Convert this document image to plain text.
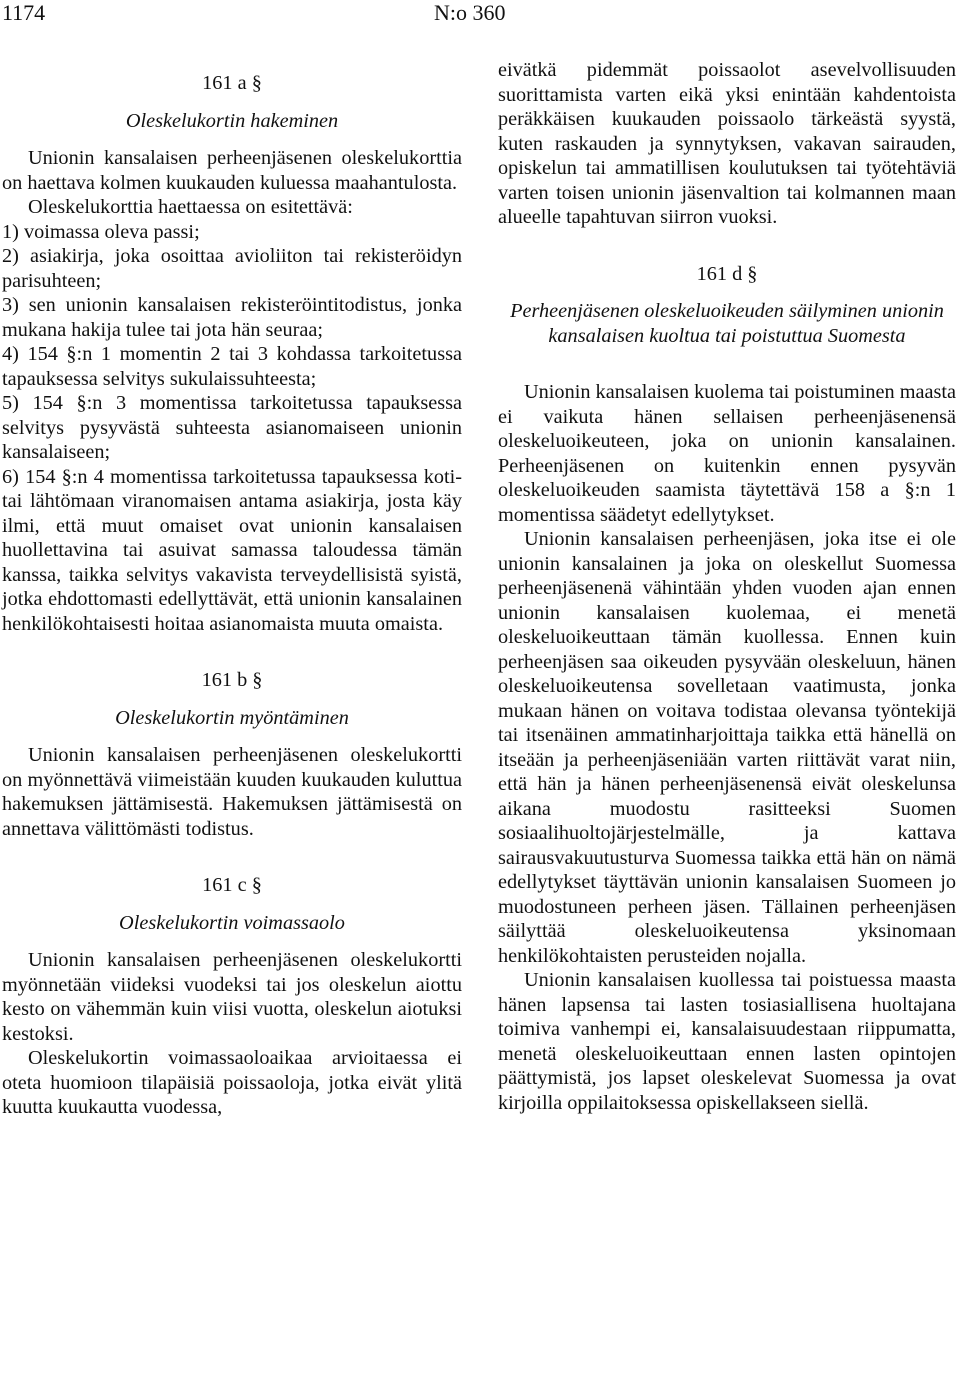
1174	N:o 360
161 a §
Oleskelukortin hakeminen

Unionin kansalaisen perheenjäsenen oleskelukorttia on haettava kolmen kuukauden kuluessa maahantulosta.

Oleskelukorttia haettaessa on esitettävä:

1) voimassa oleva passi;

2) asiakirja, joka osoittaa avioliiton tai rekisteröidyn parisuhteen;

3) sen unionin kansalaisen rekisteröintitodistus, jonka mukana hakija tulee tai jota hän seuraa;

4) 154 §:n 1 momentin 2 tai 3 kohdassa tarkoitetussa tapauksessa selvitys sukulaissuhteesta;

5) 154 §:n 3 momentissa tarkoitetussa tapauksessa selvitys pysyvästä suhteesta asianomaiseen unionin kansalaiseen;

6) 154 §:n 4 momentissa tarkoitetussa tapauksessa koti- tai lähtömaan viranomaisen antama asiakirja, josta käy ilmi, että muut omaiset ovat unionin kansalaisen huollettavina tai asuivat samassa taloudessa tämän kanssa, taikka selvitys vakavista terveydellisistä syistä, jotka ehdottomasti edellyttävät, että unionin kansalainen henkilökohtaisesti hoitaa asianomaista muuta omaista.

161 b §
Oleskelukortin myöntäminen

Unionin kansalaisen perheenjäsenen oleskelukortti on myönnettävä viimeistään kuuden kuukauden kuluttua hakemuksen jättämisestä. Hakemuksen jättämisestä on annettava välittömästi todistus.

161 c §
Oleskelukortin voimassaolo

Unionin kansalaisen perheenjäsenen oleskelukortti myönnetään viideksi vuodeksi tai jos oleskelun aiottu kesto on vähemmän kuin viisi vuotta, oleskelun aiotuksi kestoksi.

Oleskelukortin voimassaoloaikaa arvioitaessa ei oteta huomioon tilapäisiä poissaoloja, jotka eivät ylitä kuutta kuukautta vuodessa,

eivätkä pidemmät poissaolot asevelvollisuuden suorittamista varten eikä yksi enintään kahdentoista peräkkäisen kuukauden poissaolo tärkeästä syystä, kuten raskauden ja synnytyksen, vakavan sairauden, opiskelun tai ammatillisen koulutuksen tai työtehtäviä varten toisen unionin jäsenvaltion tai kolmannen maan alueelle tapahtuvan siirron vuoksi.

161 d §
Perheenjäsenen oleskeluoikeuden säilyminen unionin kansalaisen kuoltua tai poistuttua Suomesta

Unionin kansalaisen kuolema tai poistuminen maasta ei vaikuta hänen sellaisen perheenjäsenensä oleskeluoikeuteen, joka on unionin kansalainen. Perheenjäsenen on kuitenkin ennen pysyvän oleskeluoikeuden saamista täytettävä 158 a §:n 1 momentissa säädetyt edellytykset.

Unionin kansalaisen perheenjäsen, joka itse ei ole unionin kansalainen ja joka on oleskellut Suomessa perheenjäsenenä vähintään yhden vuoden ajan ennen unionin kansalaisen kuolemaa, ei menetä oleskeluoikeuttaan tämän kuollessa. Ennen kuin perheenjäsen saa oikeuden pysyvään oleskeluun, hänen oleskeluoikeutensa sovelletaan vaatimusta, jonka mukaan hänen on voitava todistaa olevansa työntekijä tai itsenäinen ammatinharjoittaja taikka että hänellä on itseään ja perheenjäseniään varten riittävät varat niin, että hän ja hänen perheenjäsenensä eivät oleskelunsa aikana muodostu rasitteeksi Suomen sosiaalihuoltojärjestelmälle, ja kattava sairausvakuutusturva Suomessa taikka että hän on nämä edellytykset täyttävän unionin kansalaisen Suomeen jo muodostuneen perheen jäsen. Tällainen perheenjäsen säilyttää oleskeluoikeutensa yksinomaan henkilökohtaisten perusteiden nojalla.

Unionin kansalaisen kuollessa tai poistuessa maasta hänen lapsensa tai lasten tosiasiallisena huoltajana toimiva vanhempi ei, kansalaisuudestaan riippumatta, menetä oleskeluoikeuttaan ennen lasten opintojen päättymistä, jos lapset oleskelevat Suomessa ja ovat kirjoilla oppilaitoksessa opiskellakseen siellä.
